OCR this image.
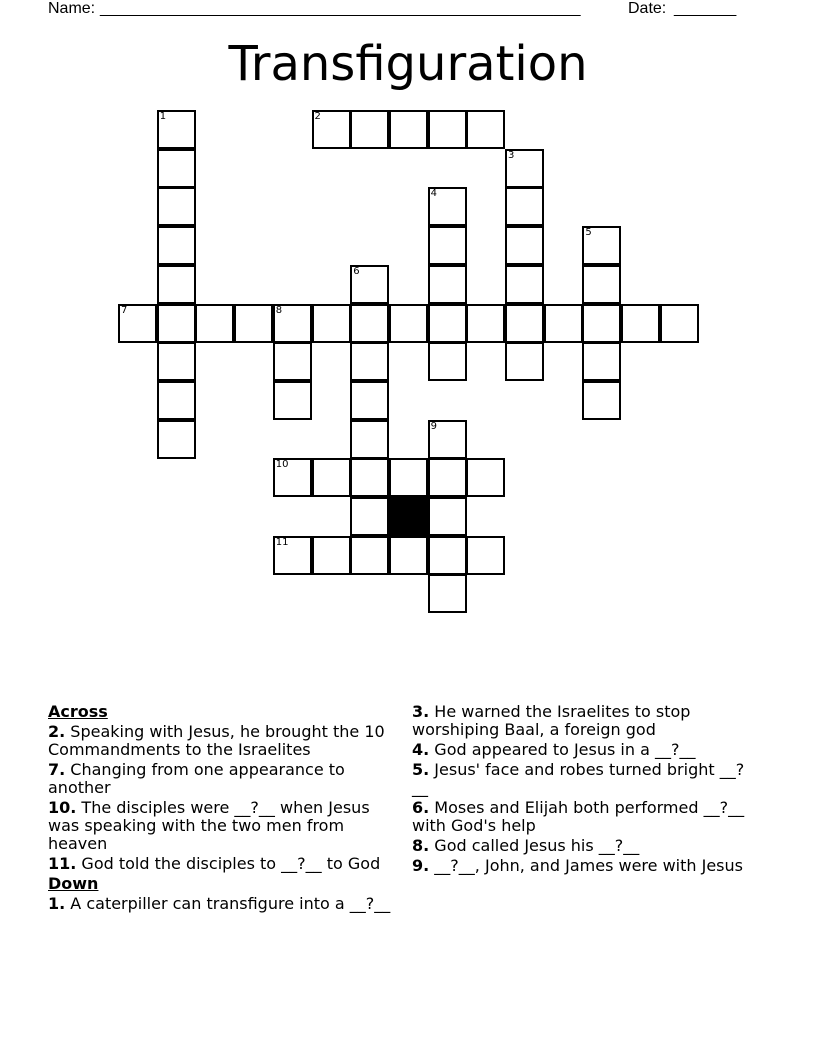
Name: ______________________________________________________	Date: _______
Transfiguration
1	2
3
4
5
6
7	8
9
10
11
Across
2. Speaking with Jesus, he brought the 10 Commandments to the Israelites
7. Changing from one appearance to another
10. The disciples were __?__ when Jesus was speaking with the two men from heaven
11. God told the disciples to __?__ to God
Down
1. A caterpiller can transfigure into a __?__
3. He warned the Israelites to stop worshiping Baal, a foreign god
4. God appeared to Jesus in a __?__
5. Jesus' face and robes turned bright __?__
6. Moses and Elijah both performed __?__ with God's help
8. God called Jesus his __?__
9. __?__, John, and James were with Jesus
